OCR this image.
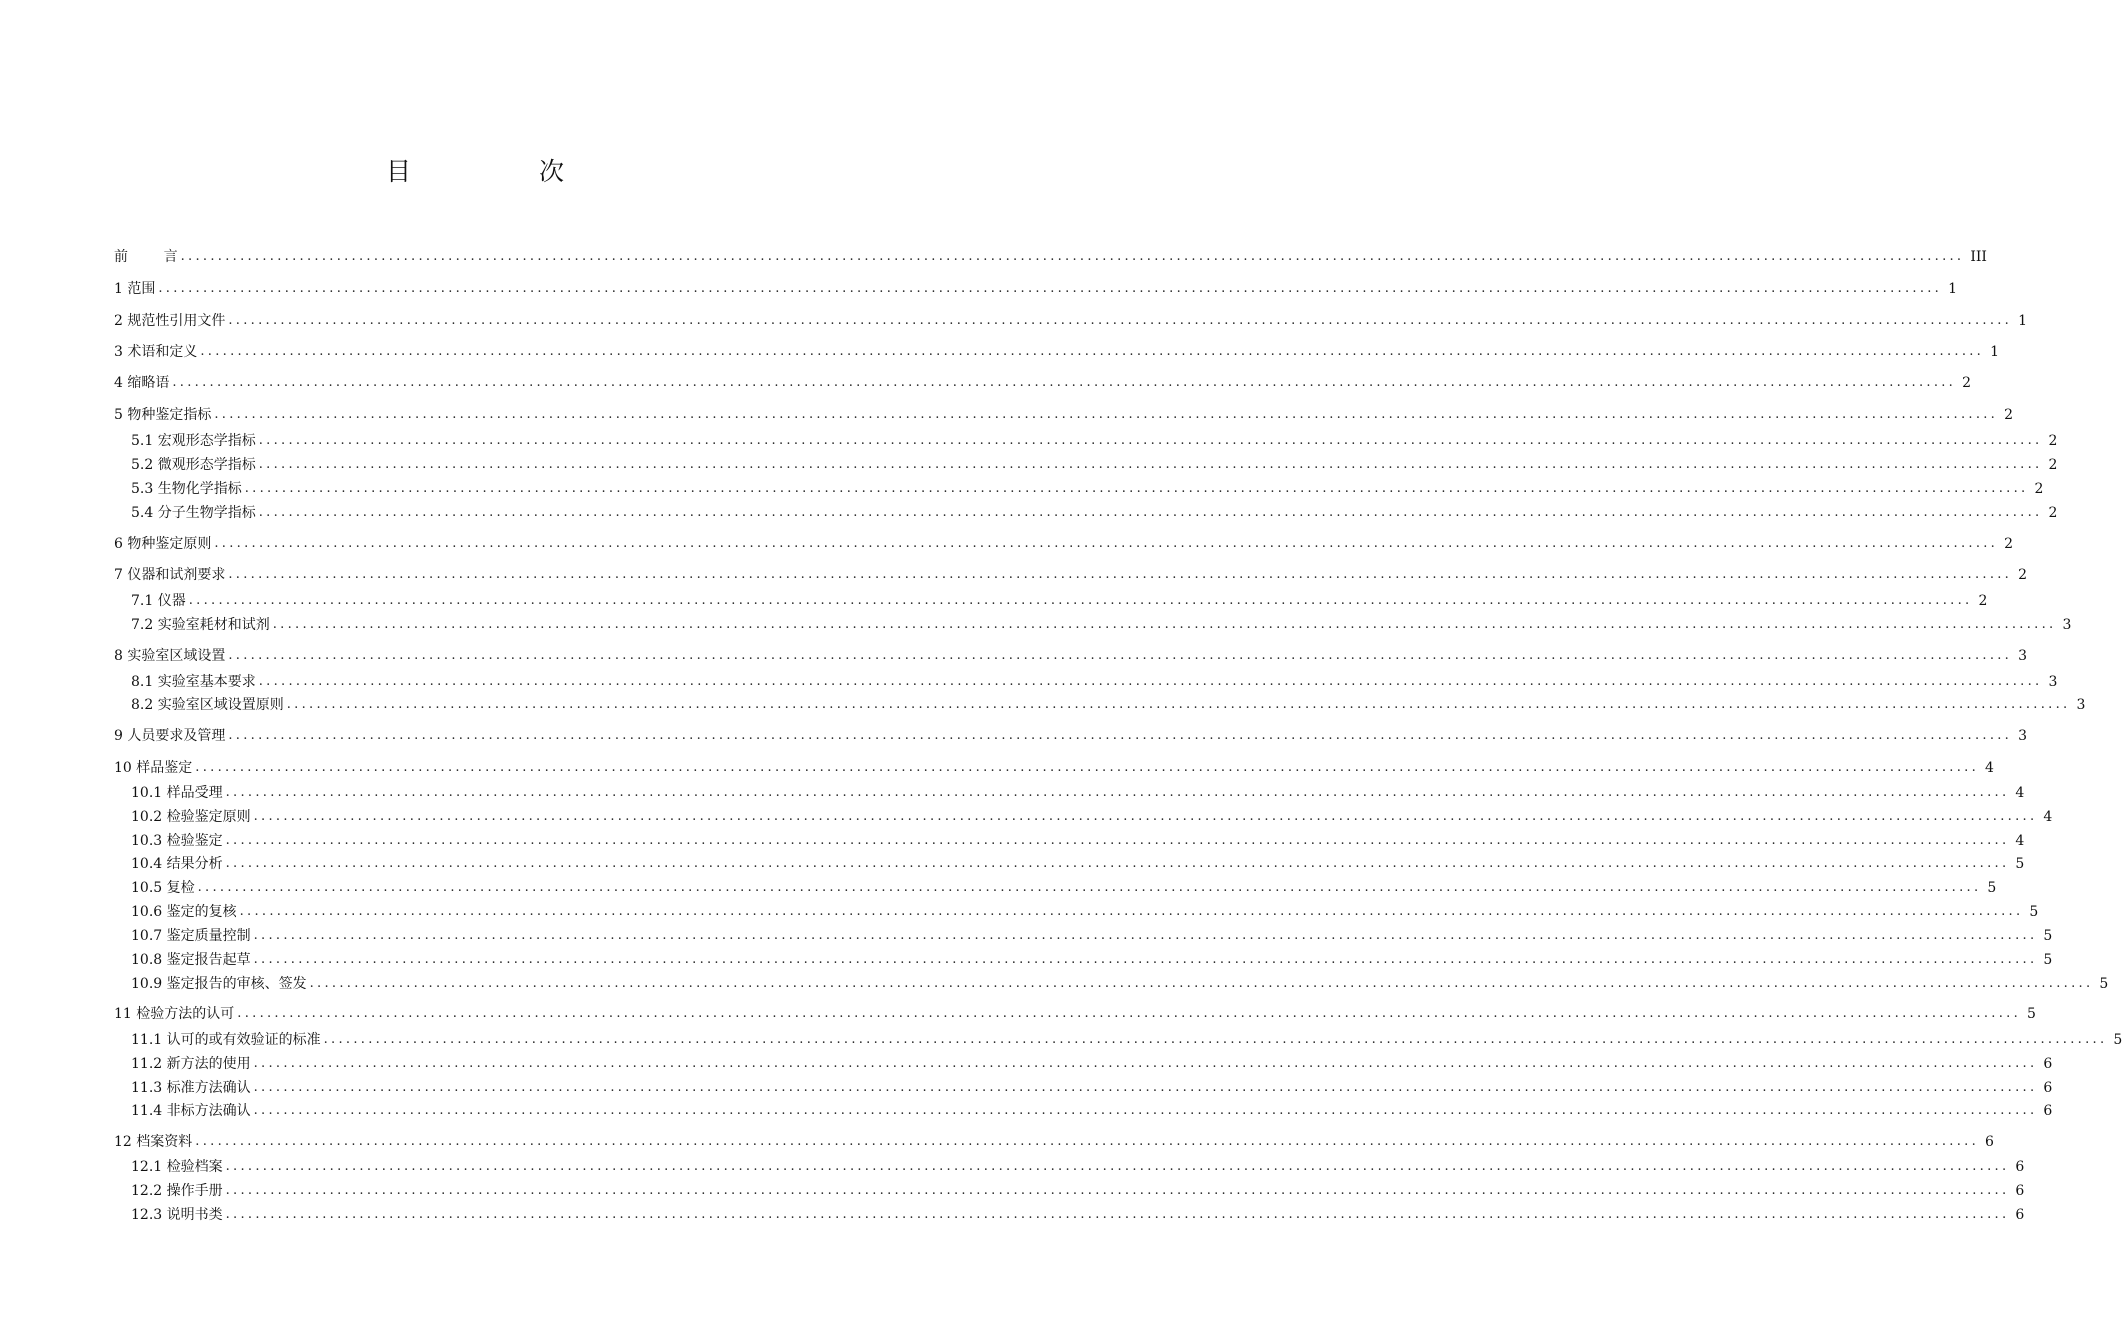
目 次
前        言 ................................................................................................................................................................................................................................................ III
1 范围 ................................................................................................................................................................................................................................................ 1
2 规范性引用文件 ................................................................................................................................................................................................................................................ 1
3 术语和定义 ................................................................................................................................................................................................................................................ 1
4 缩略语 ................................................................................................................................................................................................................................................ 2
5 物种鉴定指标 ................................................................................................................................................................................................................................................ 2
5.1 宏观形态学指标 ................................................................................................................................................................................................................................................ 2
5.2 微观形态学指标 ................................................................................................................................................................................................................................................ 2
5.3 生物化学指标 ................................................................................................................................................................................................................................................ 2
5.4 分子生物学指标 ................................................................................................................................................................................................................................................ 2
6 物种鉴定原则 ................................................................................................................................................................................................................................................ 2
7 仪器和试剂要求 ................................................................................................................................................................................................................................................ 2
7.1 仪器 ................................................................................................................................................................................................................................................ 2
7.2 实验室耗材和试剂 ................................................................................................................................................................................................................................................ 3
8 实验室区域设置 ................................................................................................................................................................................................................................................ 3
8.1 实验室基本要求 ................................................................................................................................................................................................................................................ 3
8.2 实验室区域设置原则 ................................................................................................................................................................................................................................................ 3
9 人员要求及管理 ................................................................................................................................................................................................................................................ 3
10 样品鉴定 ................................................................................................................................................................................................................................................ 4
10.1 样品受理 ................................................................................................................................................................................................................................................ 4
10.2 检验鉴定原则 ................................................................................................................................................................................................................................................ 4
10.3 检验鉴定 ................................................................................................................................................................................................................................................ 4
10.4 结果分析 ................................................................................................................................................................................................................................................ 5
10.5 复检 ................................................................................................................................................................................................................................................ 5
10.6 鉴定的复核 ................................................................................................................................................................................................................................................ 5
10.7 鉴定质量控制 ................................................................................................................................................................................................................................................ 5
10.8 鉴定报告起草 ................................................................................................................................................................................................................................................ 5
10.9 鉴定报告的审核、签发 ................................................................................................................................................................................................................................................ 5
11 检验方法的认可 ................................................................................................................................................................................................................................................ 5
11.1 认可的或有效验证的标准 ................................................................................................................................................................................................................................................ 5
11.2 新方法的使用 ................................................................................................................................................................................................................................................ 6
11.3 标准方法确认 ................................................................................................................................................................................................................................................ 6
11.4 非标方法确认 ................................................................................................................................................................................................................................................ 6
12 档案资料 ................................................................................................................................................................................................................................................ 6
12.1 检验档案 ................................................................................................................................................................................................................................................ 6
12.2 操作手册 ................................................................................................................................................................................................................................................ 6
12.3 说明书类 ................................................................................................................................................................................................................................................ 6
